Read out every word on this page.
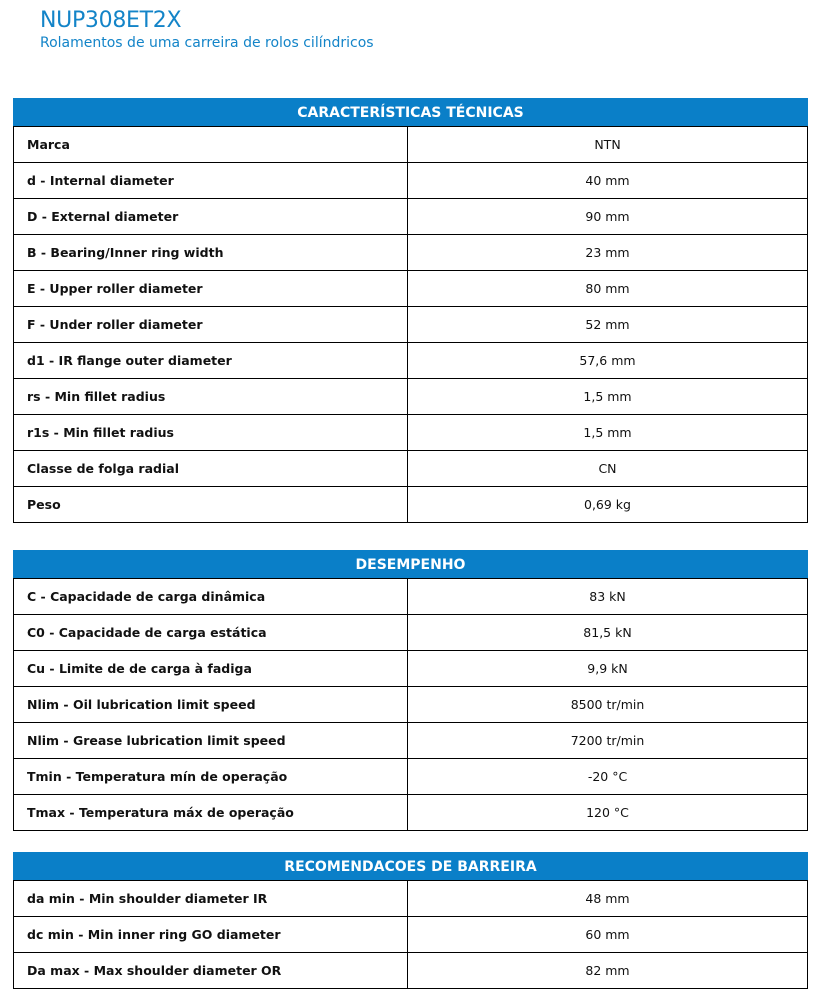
NUP308ET2X
Rolamentos de uma carreira de rolos cilíndricos
CARACTERÍSTICAS TÉCNICAS
Marca	NTN
d - Internal diameter	40 mm
D - External diameter	90 mm
B - Bearing/Inner ring width	23 mm
E - Upper roller diameter	80 mm
F - Under roller diameter	52 mm
d1 - IR flange outer diameter	57,6 mm
rs - Min fillet radius	1,5 mm
r1s - Min fillet radius	1,5 mm
Classe de folga radial	CN
Peso	0,69 kg
DESEMPENHO
C - Capacidade de carga dinâmica	83 kN
C0 - Capacidade de carga estática	81,5 kN
Cu - Limite de de carga à fadiga	9,9 kN
Nlim - Oil lubrication limit speed	8500 tr/min
Nlim - Grease lubrication limit speed	7200 tr/min
Tmin - Temperatura mín de operação	-20 °C
Tmax - Temperatura máx de operação	120 °C
RECOMENDACOES DE BARREIRA
da min - Min shoulder diameter IR	48 mm
dc min - Min inner ring GO diameter	60 mm
Da max - Max shoulder diameter OR	82 mm
